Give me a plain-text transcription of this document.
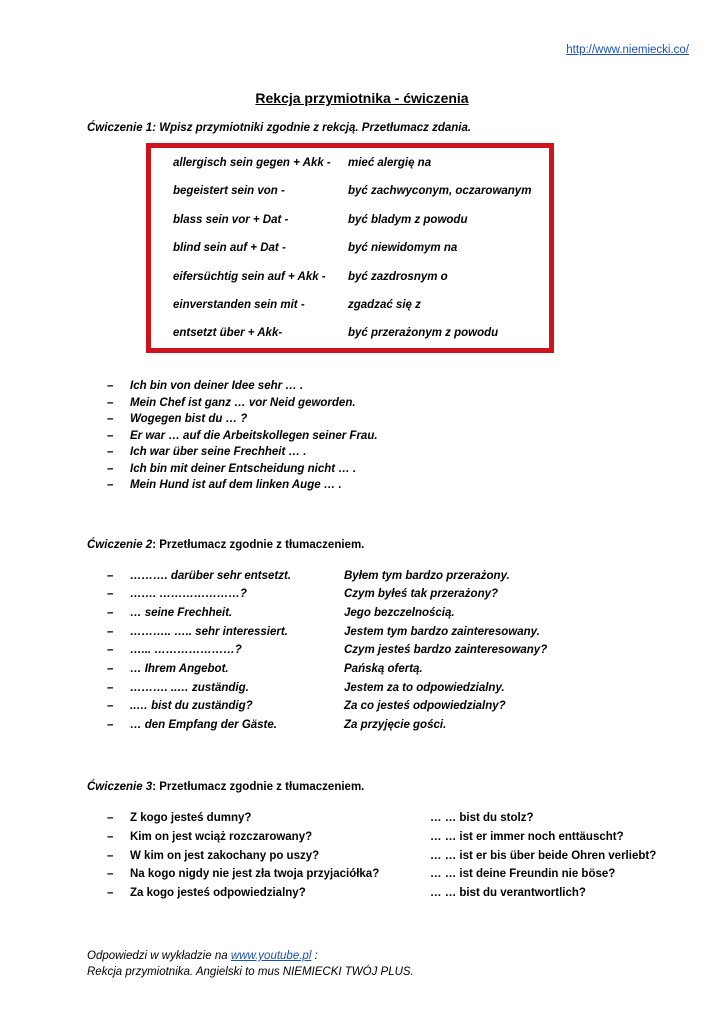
http://www.niemiecki.co/
Rekcja przymiotnika - ćwiczenia
Ćwiczenie 1: Wpisz przymiotniki zgodnie z rekcją. Przetłumacz zdania.
allergisch sein gegen + Akk -	mieć alergię na
begeistert sein von -	być zachwyconym, oczarowanym
blass sein vor + Dat -	być bladym z powodu
blind sein auf + Dat -	być niewidomym na
eifersüchtig sein auf + Akk -	być zazdrosnym o
einverstanden sein mit -	zgadzać się z
entsetzt über + Akk-	być przerażonym z powodu
– Ich bin von deiner Idee sehr … .
– Mein Chef ist ganz … vor Neid geworden.
– Wogegen bist du … ?
– Er war … auf die Arbeitskollegen seiner Frau.
– Ich war über seine Frechheit … .
– Ich bin mit deiner Entscheidung nicht … .
– Mein Hund ist auf dem linken Auge … .
Ćwiczenie 2: Przetłumacz zgodnie z tłumaczeniem.
– ………. darüber sehr entsetzt.	Byłem tym bardzo przerażony.
– ……. …………………?	Czym byłeś tak przerażony?
– … seine Frechheit.	Jego bezczelnością.
– ……….. ….. sehr interessiert.	Jestem tym bardzo zainteresowany.
– …... …………………?	Czym jesteś bardzo zainteresowany?
– … Ihrem Angebot.	Pańską ofertą.
– ………. ..… zuständig.	Jestem za to odpowiedzialny.
– ..… bist du zuständig?	Za co jesteś odpowiedzialny?
– … den Empfang der Gäste.	Za przyjęcie gości.
Ćwiczenie 3: Przetłumacz zgodnie z tłumaczeniem.
– Z kogo jesteś dumny?	… … bist du stolz?
– Kim on jest wciąż rozczarowany?	… … ist er immer noch enttäuscht?
– W kim on jest zakochany po uszy?	… … ist er bis über beide Ohren verliebt?
– Na kogo nigdy nie jest zła twoja przyjaciółka?	… … ist deine Freundin nie böse?
– Za kogo jesteś odpowiedzialny?	… … bist du verantwortlich?
Odpowiedzi w wykładzie na www.youtube.pl :
Rekcja przymiotnika. Angielski to mus NIEMIECKI TWÓJ PLUS.
